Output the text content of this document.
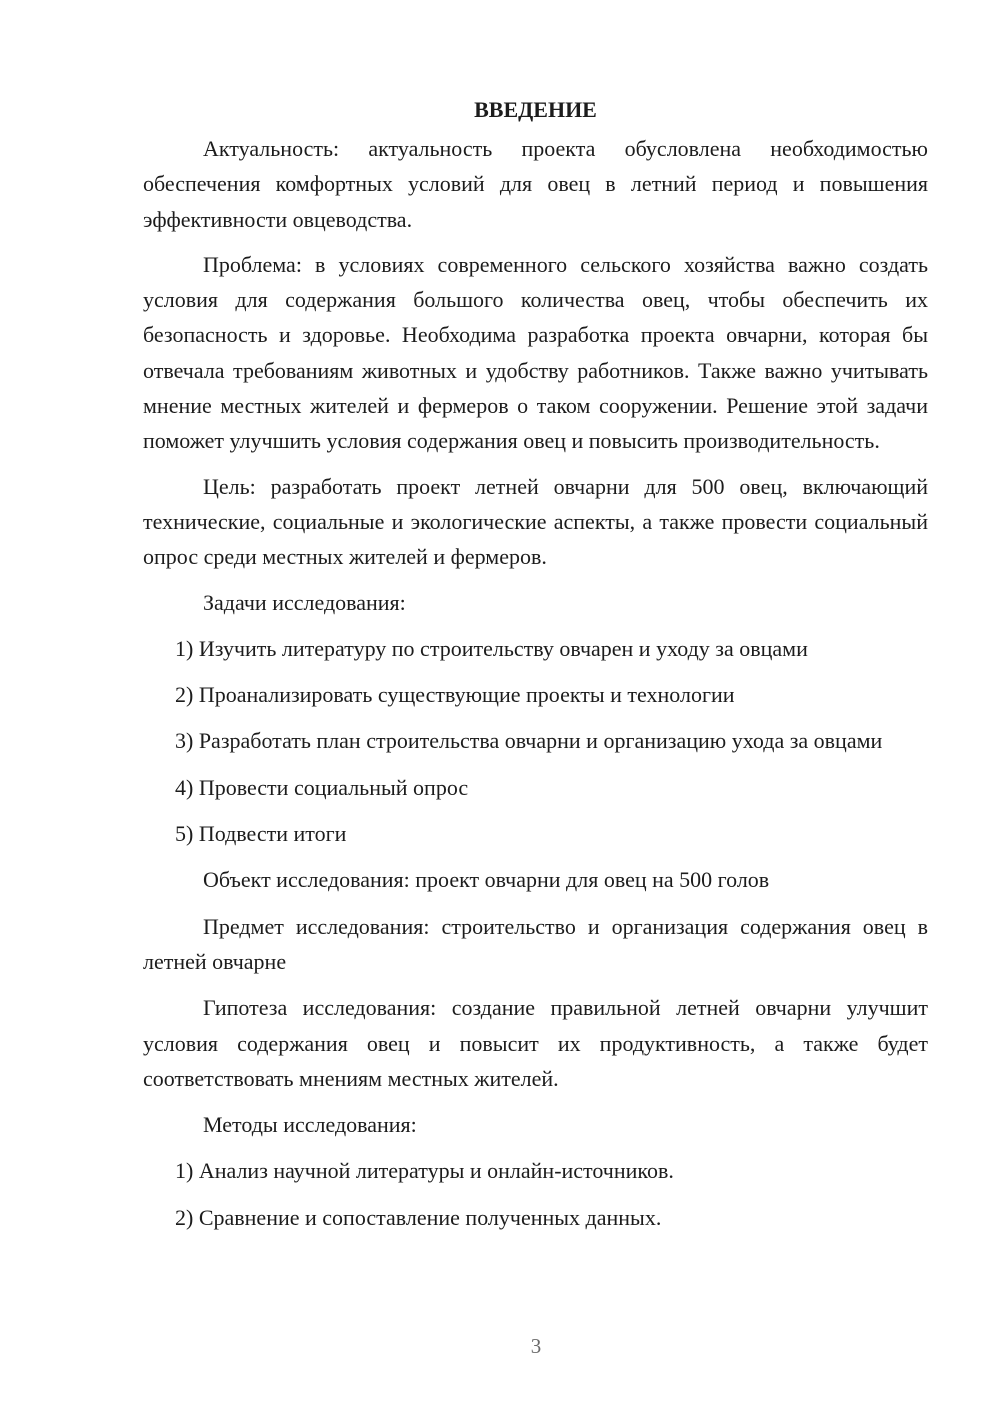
ВВЕДЕНИЕ

Актуальность: актуальность проекта обусловлена необходимостью обеспечения комфортных условий для овец в летний период и повышения эффективности овцеводства.

Проблема: в условиях современного сельского хозяйства важно создать условия для содержания большого количества овец, чтобы обеспечить их безопасность и здоровье. Необходима разработка проекта овчарни, которая бы отвечала требованиям животных и удобству работников. Также важно учитывать мнение местных жителей и фермеров о таком сооружении. Решение этой задачи поможет улучшить условия содержания овец и повысить производительность.

Цель: разработать проект летней овчарни для 500 овец, включающий технические, социальные и экологические аспекты, а также провести социальный опрос среди местных жителей и фермеров.

Задачи исследования:

1) Изучить литературу по строительству овчарен и уходу за овцами

2) Проанализировать существующие проекты и технологии

3) Разработать план строительства овчарни и организацию ухода за овцами

4) Провести социальный опрос

5) Подвести итоги

Объект исследования: проект овчарни для овец на 500 голов

Предмет исследования: строительство и организация содержания овец в летней овчарне

Гипотеза исследования: создание правильной летней овчарни улучшит условия содержания овец и повысит их продуктивность, а также будет соответствовать мнениям местных жителей.

Методы исследования:

1) Анализ научной литературы и онлайн-источников.

2) Сравнение и сопоставление полученных данных.

3
